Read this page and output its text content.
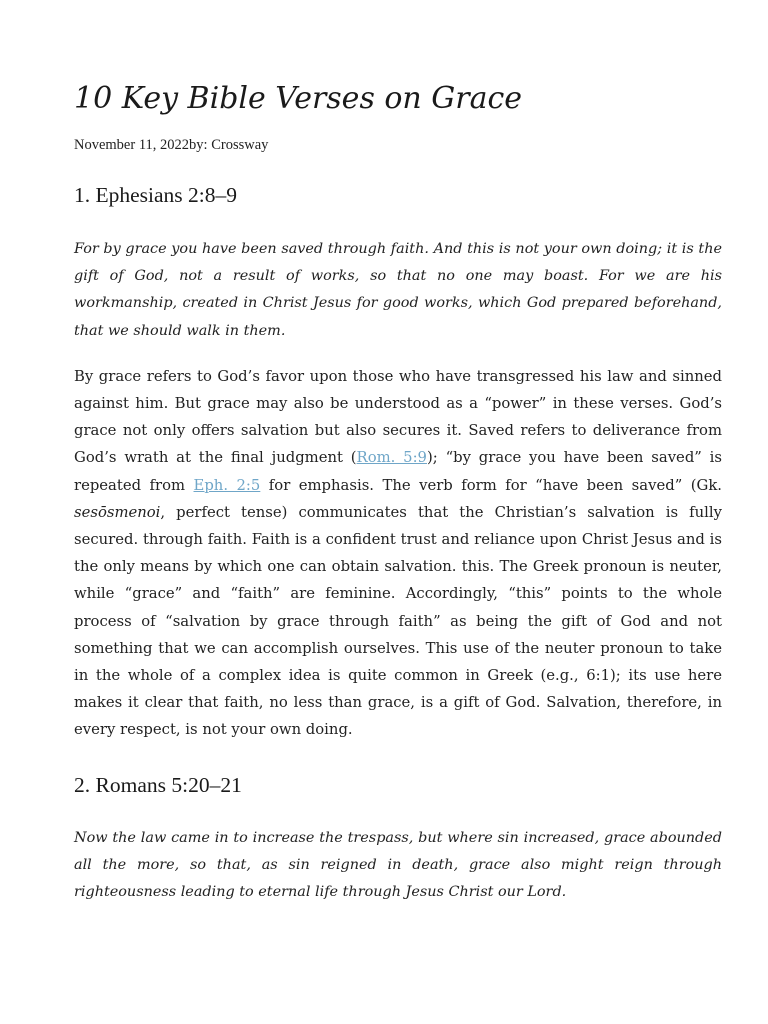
10 Key Bible Verses on Grace
November 11, 2022by: Crossway
1. Ephesians 2:8–9

For by grace you have been saved through faith. And this is not your own doing; it is the gift of God, not a result of works, so that no one may boast. For we are his workmanship, created in Christ Jesus for good works, which God prepared beforehand, that we should walk in them.

By grace refers to God’s favor upon those who have transgressed his law and sinned against him. But grace may also be understood as a “power” in these verses. God’s grace not only offers salvation but also secures it. Saved refers to deliverance from God’s wrath at the final judgment (Rom. 5:9); “by grace you have been saved” is repeated from Eph. 2:5 for emphasis. The verb form for “have been saved” (Gk. sesōsmenoi, perfect tense) communicates that the Christian’s salvation is fully secured. through faith. Faith is a confident trust and reliance upon Christ Jesus and is the only means by which one can obtain salvation. this. The Greek pronoun is neuter, while “grace” and “faith” are feminine. Accordingly, “this” points to the whole process of “salvation by grace through faith” as being the gift of God and not something that we can accomplish ourselves. This use of the neuter pronoun to take in the whole of a complex idea is quite common in Greek (e.g., 6:1); its use here makes it clear that faith, no less than grace, is a gift of God. Salvation, therefore, in every respect, is not your own doing.

2. Romans 5:20–21

Now the law came in to increase the trespass, but where sin increased, grace abounded all the more, so that, as sin reigned in death, grace also might reign through righteousness leading to eternal life through Jesus Christ our Lord.
